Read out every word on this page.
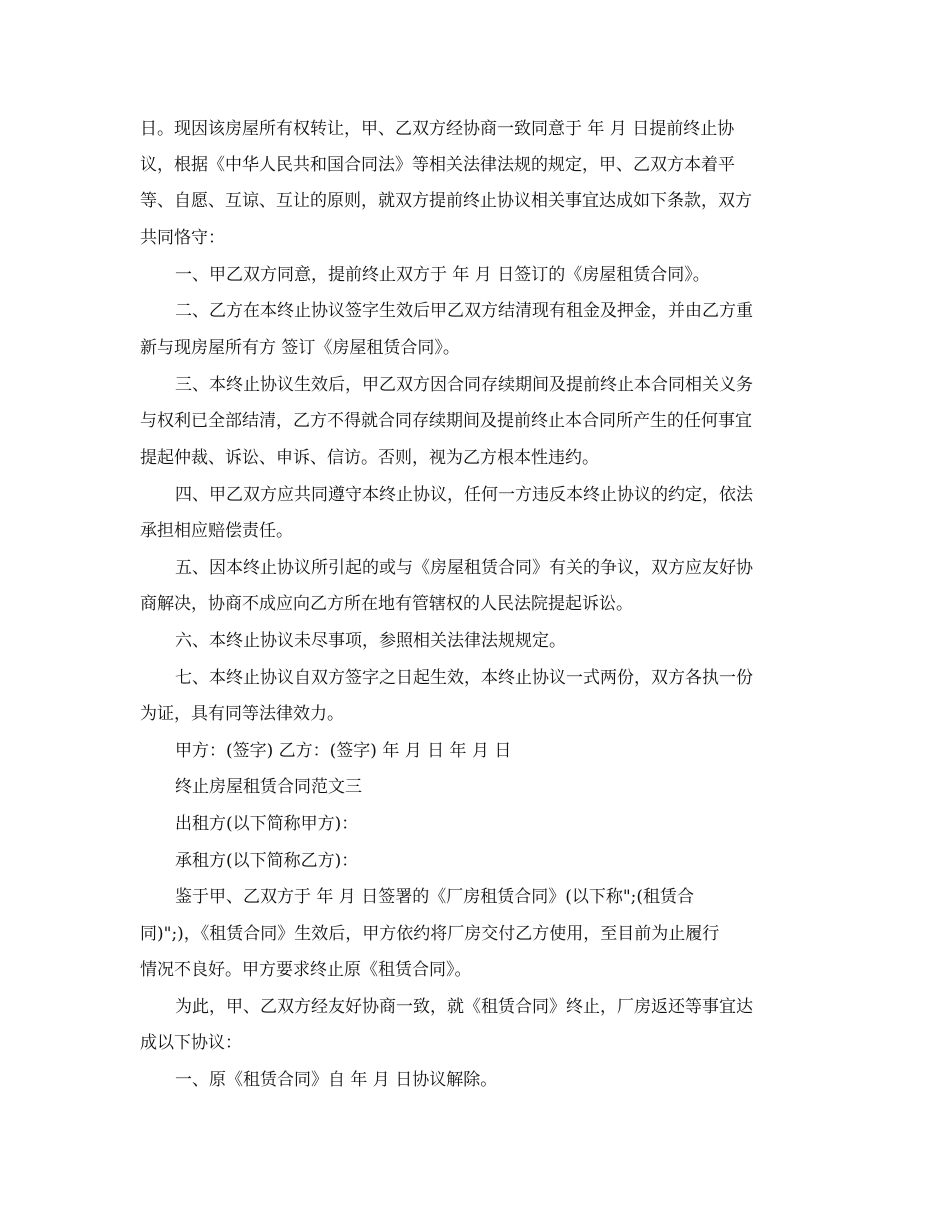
日。现因该房屋所有权转让，甲、乙双方经协商一致同意于 年 月 日提前终止协
议，根据《中华人民共和国合同法》等相关法律法规的规定，甲、乙双方本着平
等、自愿、互谅、互让的原则，就双方提前终止协议相关事宜达成如下条款，双方
共同恪守：
一、甲乙双方同意，提前终止双方于 年 月 日签订的《房屋租赁合同》。
二、乙方在本终止协议签字生效后甲乙双方结清现有租金及押金，并由乙方重
新与现房屋所有方 签订《房屋租赁合同》。
三、本终止协议生效后，甲乙双方因合同存续期间及提前终止本合同相关义务
与权利已全部结清，乙方不得就合同存续期间及提前终止本合同所产生的任何事宜
提起仲裁、诉讼、申诉、信访。否则，视为乙方根本性违约。
四、甲乙双方应共同遵守本终止协议，任何一方违反本终止协议的约定，依法
承担相应赔偿责任。
五、因本终止协议所引起的或与《房屋租赁合同》有关的争议，双方应友好协
商解决，协商不成应向乙方所在地有管辖权的人民法院提起诉讼。
六、本终止协议未尽事项，参照相关法律法规规定。
七、本终止协议自双方签字之日起生效，本终止协议一式两份，双方各执一份
为证，具有同等法律效力。
甲方：(签字) 乙方：(签字) 年 月 日 年 月 日
终止房屋租赁合同范文三
出租方(以下简称甲方)：
承租方(以下简称乙方)：
鉴于甲、乙双方于 年 月 日签署的《厂房租赁合同》(以下称";(租赁合
同)";)，《租赁合同》生效后，甲方依约将厂房交付乙方使用，至目前为止履行
情况不良好。甲方要求终止原《租赁合同》。
为此，甲、乙双方经友好协商一致，就《租赁合同》终止，厂房返还等事宜达
成以下协议：
一、原《租赁合同》自 年 月 日协议解除。
